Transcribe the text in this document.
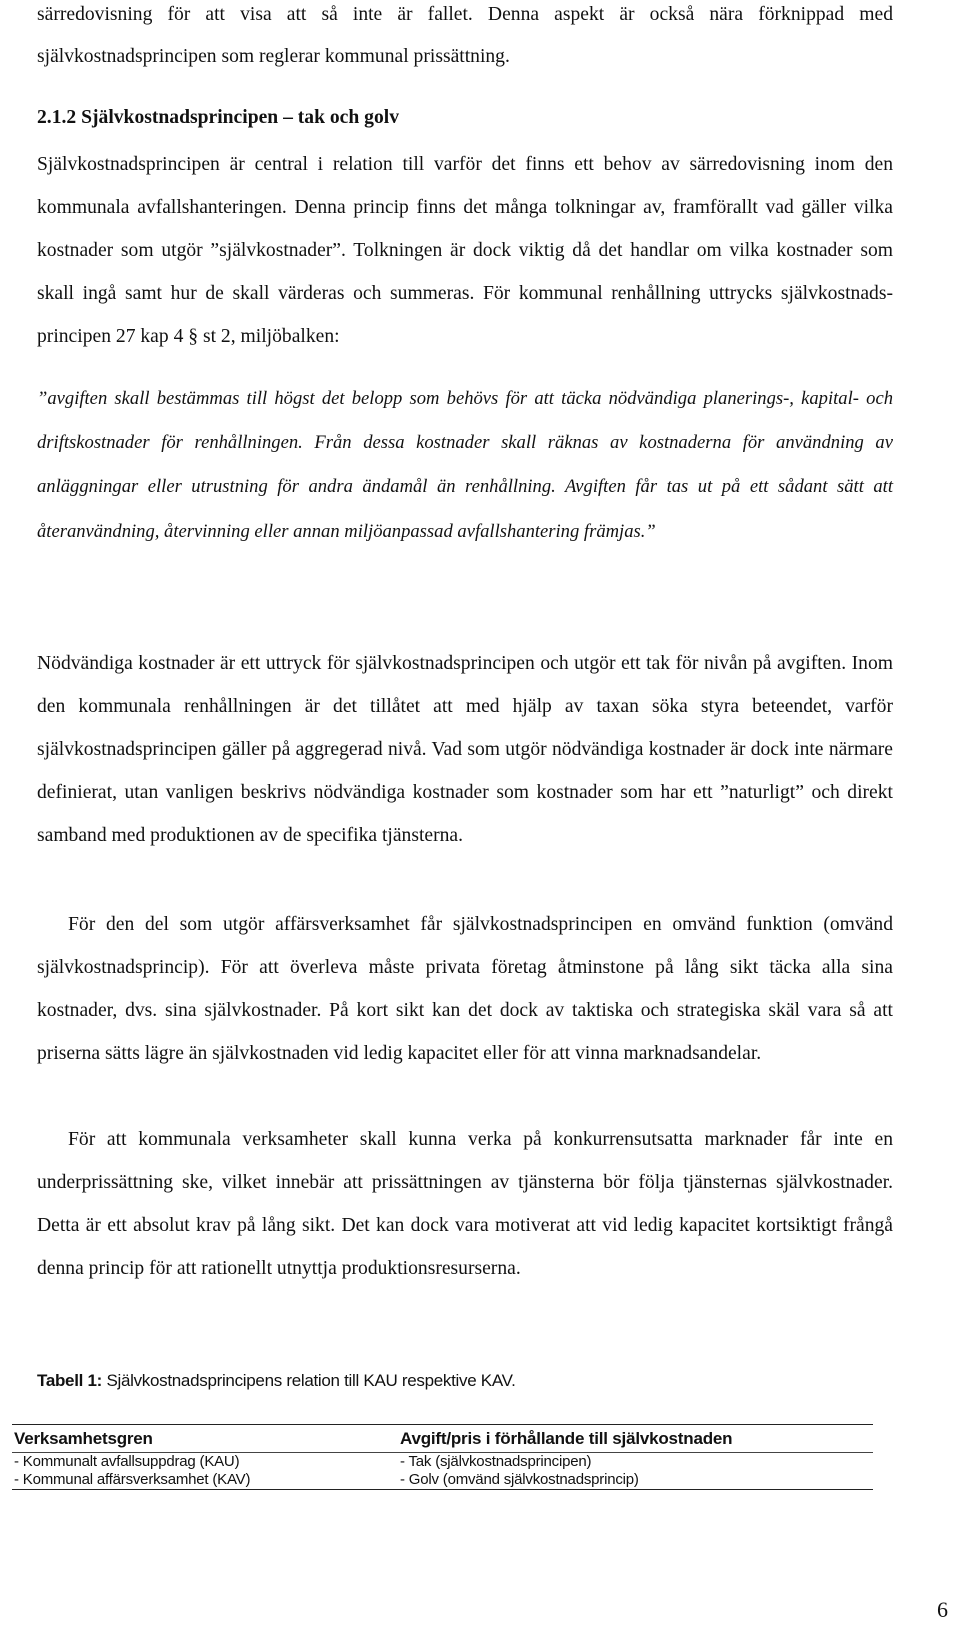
särredovisning för att visa att så inte är fallet. Denna aspekt är också nära förknippad med självkostnadsprincipen som reglerar kommunal prissättning.

2.1.2 Självkostnadsprincipen – tak och golv

Självkostnadsprincipen är central i relation till varför det finns ett behov av särredovisning inom den kommunala avfallshanteringen. Denna princip finns det många tolkningar av, framförallt vad gäller vilka kostnader som utgör ”självkostnader”. Tolkningen är dock viktig då det handlar om vilka kostnader som skall ingå samt hur de skall värderas och summeras. För kommunal renhållning uttrycks självkostnadsprincipen 27 kap 4 § st 2, miljöbalken:

”avgiften skall bestämmas till högst det belopp som behövs för att täcka nödvändiga planerings-, kapital- och driftskostnader för renhållningen. Från dessa kostnader skall räknas av kostnaderna för användning av anläggningar eller utrustning för andra ändamål än renhållning. Avgiften får tas ut på ett sådant sätt att återanvändning, återvinning eller annan miljöanpassad avfallshantering främjas.”

Nödvändiga kostnader är ett uttryck för självkostnadsprincipen och utgör ett tak för nivån på avgiften. Inom den kommunala renhållningen är det tillåtet att med hjälp av taxan söka styra beteendet, varför självkostnadsprincipen gäller på aggregerad nivå. Vad som utgör nödvändiga kostnader är dock inte närmare definierat, utan vanligen beskrivs nödvändiga kostnader som kostnader som har ett ”naturligt” och direkt samband med produktionen av de specifika tjänsterna.

För den del som utgör affärsverksamhet får självkostnadsprincipen en omvänd funktion (omvänd självkostnadsprincip). För att överleva måste privata företag åtminstone på lång sikt täcka alla sina kostnader, dvs. sina självkostnader. På kort sikt kan det dock av taktiska och strategiska skäl vara så att priserna sätts lägre än självkostnaden vid ledig kapacitet eller för att vinna marknadsandelar.

För att kommunala verksamheter skall kunna verka på konkurrensutsatta marknader får inte en underprissättning ske, vilket innebär att prissättningen av tjänsterna bör följa tjänsternas självkostnader. Detta är ett absolut krav på lång sikt. Det kan dock vara motiverat att vid ledig kapacitet kortsiktigt frångå denna princip för att rationellt utnyttja produktionsresurserna.

Tabell 1: Självkostnadsprincipens relation till KAU respektive KAV.
Verksamhetsgren	Avgift/pris i förhållande till självkostnaden
- Kommunalt avfallsuppdrag (KAU)	- Tak (självkostnadsprincipen)
- Kommunal affärsverksamhet (KAV)	- Golv (omvänd självkostnadsprincip)
6
